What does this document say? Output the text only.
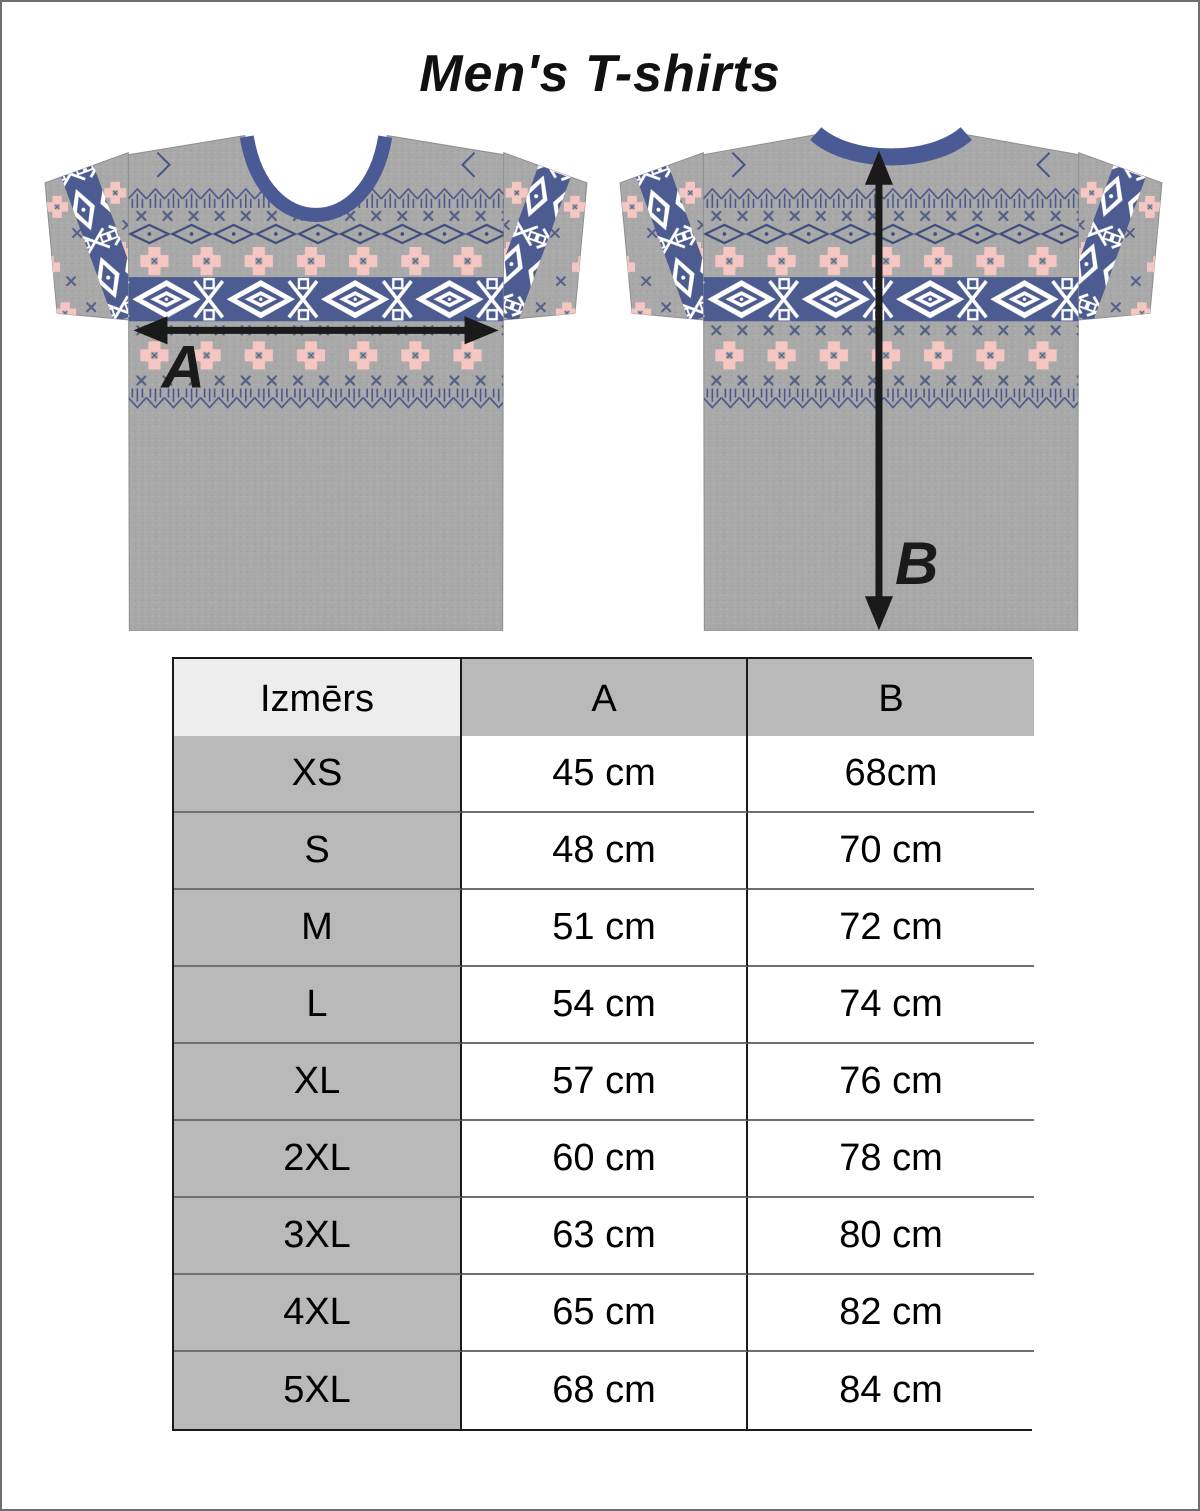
Men's T-shirts
A
B
Izmērs	A	B
XS	45 cm	68cm
S	48 cm	70 cm
M	51 cm	72 cm
L	54 cm	74 cm
XL	57 cm	76 cm
2XL	60 cm	78 cm
3XL	63 cm	80 cm
4XL	65 cm	82 cm
5XL	68 cm	84 cm
